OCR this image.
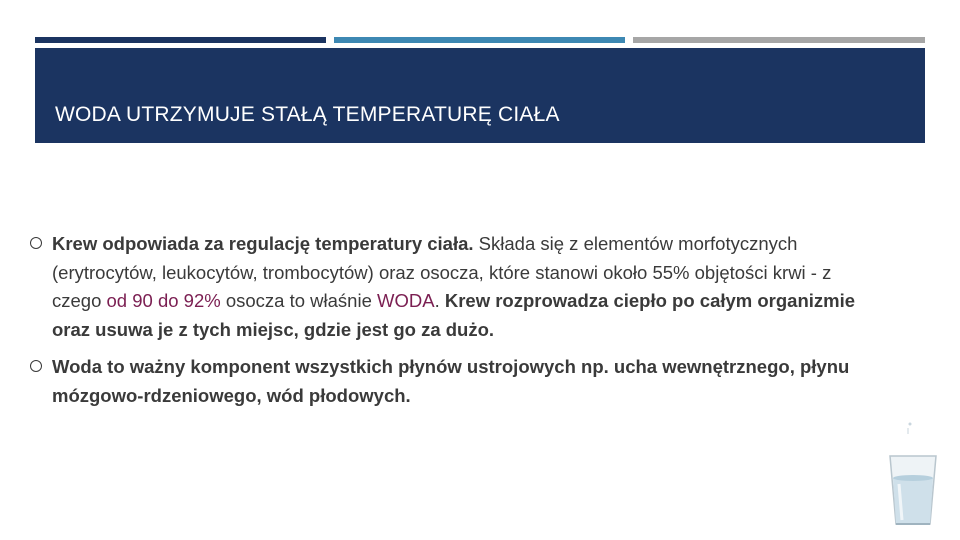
WODA UTRZYMUJE STAŁĄ TEMPERATURĘ CIAŁA
Krew odpowiada za regulację temperatury ciała. Składa się z elementów morfotycznych (erytrocytów, leukocytów, trombocytów) oraz osocza, które stanowi około 55% objętości krwi - z czego od 90 do 92% osocza to właśnie WODA. Krew rozprowadza ciepło po całym organizmie oraz usuwa je z tych miejsc, gdzie jest go za dużo.
Woda to ważny komponent wszystkich płynów ustrojowych np. ucha wewnętrznego, płynu mózgowo-rdzeniowego, wód płodowych.
